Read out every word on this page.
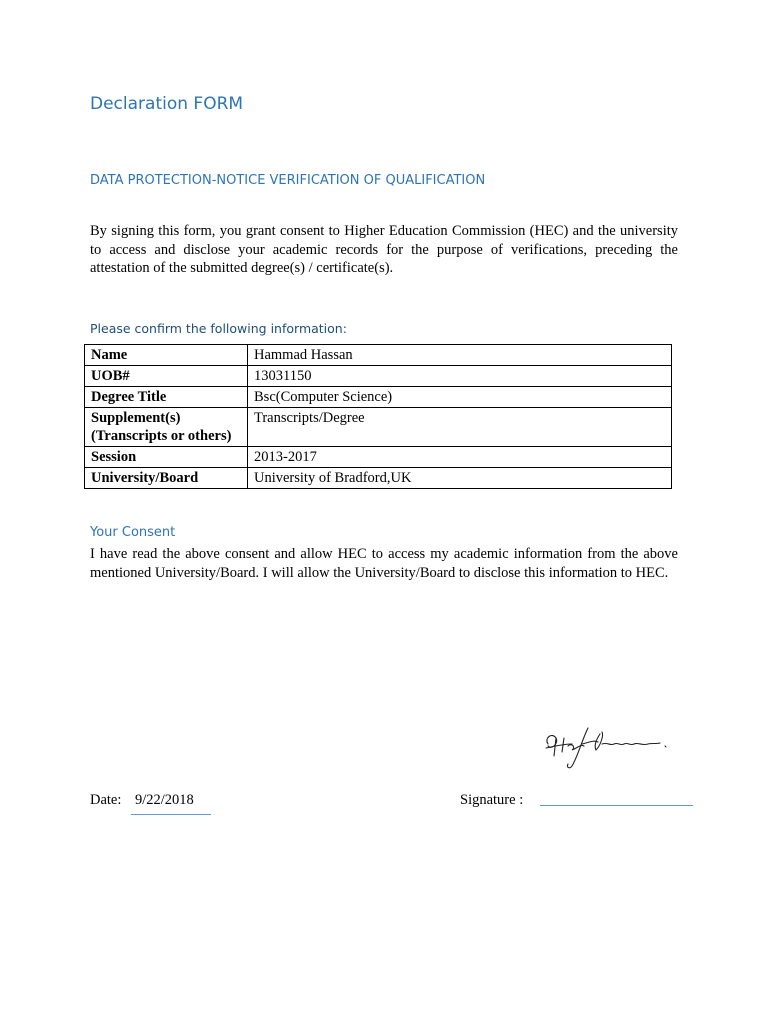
Declaration FORM
DATA PROTECTION-NOTICE VERIFICATION OF QUALIFICATION
By signing this form, you grant consent to Higher Education Commission (HEC) and the university to access and disclose your academic records for the purpose of verifications, preceding the attestation of the submitted degree(s) / certificate(s).
Please confirm the following information:
Name	Hammad Hassan
UOB#	13031150
Degree Title	Bsc(Computer Science)

Supplement(s)
(Transcripts or others)	Transcripts/Degree
Session	2013-2017
University/Board	University of Bradford,UK
Your Consent
I have read the above consent and allow HEC to access my academic information from the above mentioned University/Board. I will allow the University/Board to disclose this information to HEC.
Date: 9/22/2018	Signature :
